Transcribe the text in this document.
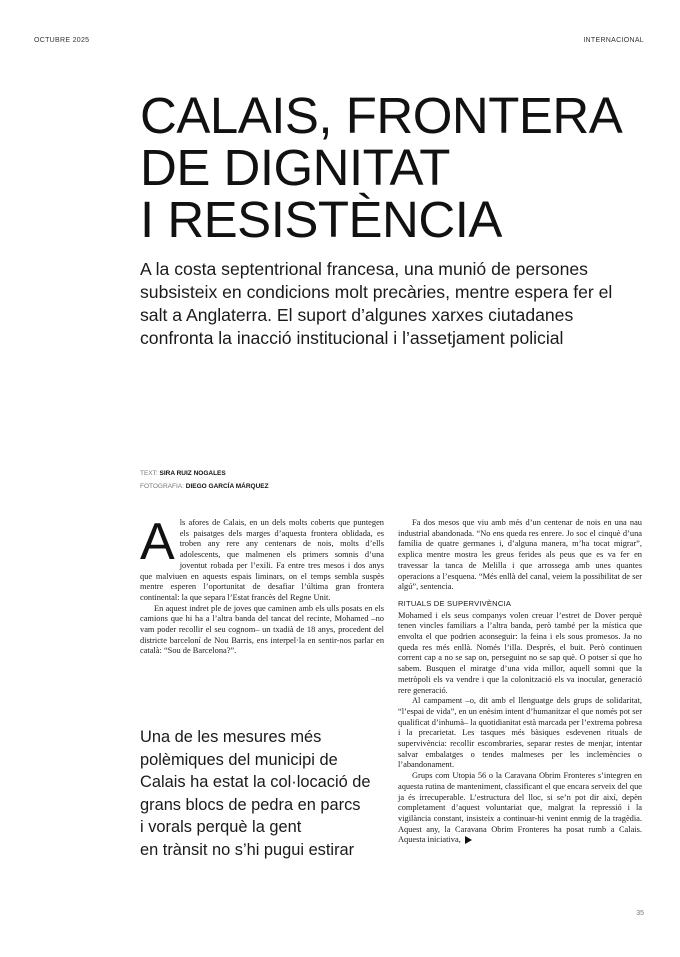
OCTUBRE 2025	INTERNACIONAL
CALAIS, FRONTERA
DE DIGNITAT
I RESISTÈNCIA

A la costa septentrional francesa, una munió de persones subsisteix en condicions molt precàries, mentre espera fer el salt a Anglaterra. El suport d’algunes xarxes ciutadanes confronta la inacció institucional i l’assetjament policial

TEXT: SIRA RUIZ NOGALES
FOTOGRAFIA: DIEGO GARCÍA MÁRQUEZ

Als afores de Calais, en un dels molts coberts que puntegen els paisatges dels marges d’aquesta frontera oblidada, es troben any rere any centenars de nois, molts d’ells adolescents, que malmenen els primers somnis d’una joventut robada per l’exili. Fa entre tres mesos i dos anys que malviuen en aquests espais liminars, on el temps sembla suspès mentre esperen l’oportunitat de desafiar l’última gran frontera continental: la que separa l’Estat francès del Regne Unit.

En aquest indret ple de joves que caminen amb els ulls posats en els camions que hi ha a l’altra banda del tancat del recinte, Mohamed –no vam poder recollir el seu cognom– un txadià de 18 anys, procedent del districte barceloní de Nou Barris, ens interpel·la en sentir-nos parlar en català: “Sou de Barcelona?”.

Fa dos mesos que viu amb més d’un centenar de nois en una nau industrial abandonada. “No ens queda res enrere. Jo soc el cinquè d’una família de quatre germanes i, d’alguna manera, m’ha tocat migrar”, explica mentre mostra les greus ferides als peus que es va fer en travessar la tanca de Melilla i que arrossega amb unes quantes operacions a l’esquena. “Més enllà del canal, veiem la possibilitat de ser algú”, sentencia.

RITUALS DE SUPERVIVÈNCIA

Mohamed i els seus companys volen creuar l’estret de Dover perquè tenen vincles familiars a l’altra banda, però també per la mística que envolta el que podrien aconseguir: la feina i els sous promesos. Ja no queda res més enllà. Només l’illa. Després, el buit. Però continuen corrent cap a no se sap on, perseguint no se sap què. O potser sí que ho sabem. Busquen el miratge d’una vida millor, aquell somni que la metròpoli els va vendre i que la colonització els va inocular, generació rere generació.

Al campament –o, dit amb el llenguatge dels grups de solidaritat, “l’espai de vida”, en un enèsim intent d’humanitzar el que només pot ser qualificat d’inhumà– la quotidianitat està marcada per l’extrema pobresa i la precarietat. Les tasques més bàsiques esdevenen rituals de supervivència: recollir escombraries, separar restes de menjar, intentar salvar embalatges o tendes malmeses per les inclemències o l’abandonament.

Grups com Utopia 56 o la Caravana Obrim Fronteres s’integren en aquesta rutina de manteniment, classificant el que encara serveix del que ja és irrecuperable. L’estructura del lloc, si se’n pot dir així, depèn completament d’aquest voluntariat que, malgrat la repressió i la vigilància constant, insisteix a continuar-hi venint enmig de la tragèdia. Aquest any, la Caravana Obrim Fronteres ha posat rumb a Calais. Aquesta iniciativa,

Una de les mesures més
polèmiques del municipi de
Calais ha estat la col·locació de
grans blocs de pedra en parcs
i vorals perquè la gent
en trànsit no s’hi pugui estirar
35
